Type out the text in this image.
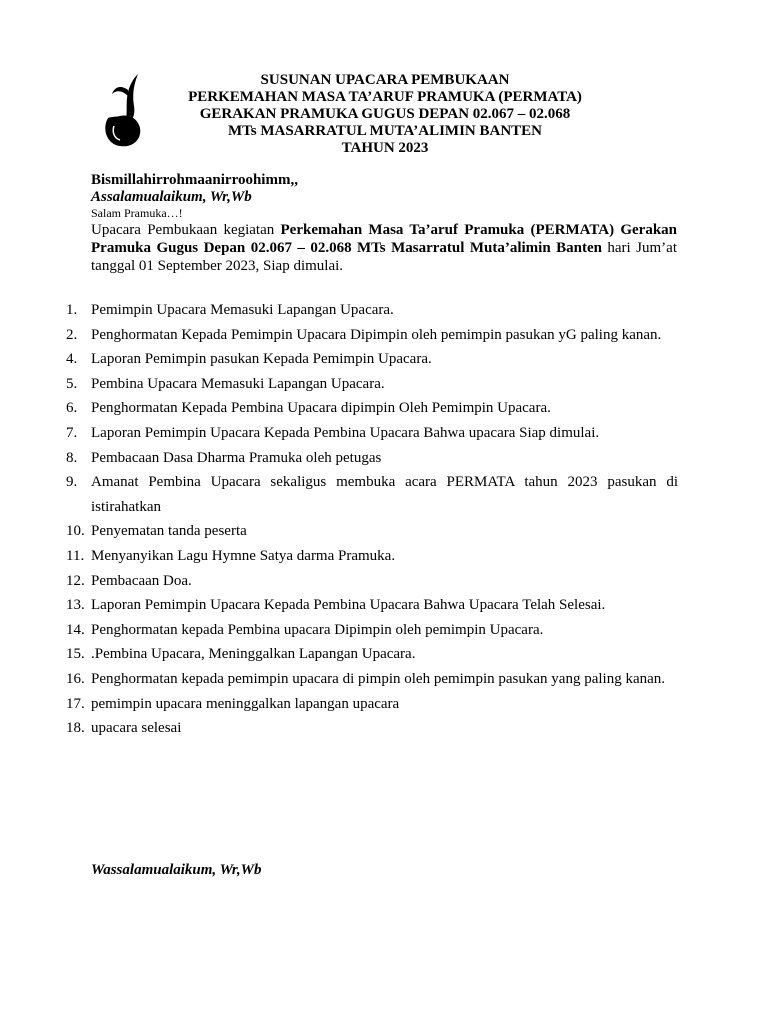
SUSUNAN UPACARA PEMBUKAAN
PERKEMAHAN MASA TA’ARUF PRAMUKA (PERMATA)
GERAKAN PRAMUKA GUGUS DEPAN 02.067 – 02.068
MTs MASARRATUL MUTA’ALIMIN BANTEN
TAHUN 2023
Bismillahirrohmaanirroohimm,,
Assalamualaikum, Wr,Wb
Salam Pramuka…!
Upacara Pembukaan kegiatan Perkemahan Masa Ta’aruf Pramuka (PERMATA) Gerakan Pramuka Gugus Depan 02.067 – 02.068 MTs Masarratul Muta’alimin Banten hari Jum’at tanggal 01 September 2023, Siap dimulai.
1. Pemimpin Upacara Memasuki Lapangan Upacara.
2. Penghormatan Kepada Pemimpin Upacara Dipimpin oleh pemimpin pasukan yG paling kanan.
4. Laporan Pemimpin pasukan Kepada Pemimpin Upacara.
5. Pembina Upacara Memasuki Lapangan Upacara.
6. Penghormatan Kepada Pembina Upacara dipimpin Oleh Pemimpin Upacara.
7. Laporan Pemimpin Upacara Kepada Pembina Upacara Bahwa upacara Siap dimulai.
8. Pembacaan Dasa Dharma Pramuka oleh petugas
9. Amanat Pembina Upacara sekaligus membuka acara PERMATA tahun 2023 pasukan di istirahatkan
10. Penyematan tanda peserta
11. Menyanyikan Lagu Hymne Satya darma Pramuka.
12. Pembacaan Doa.
13. Laporan Pemimpin Upacara Kepada Pembina Upacara Bahwa Upacara Telah Selesai.
14. Penghormatan kepada Pembina upacara Dipimpin oleh pemimpin Upacara.
15. .Pembina Upacara, Meninggalkan Lapangan Upacara.
16. Penghormatan kepada pemimpin upacara di pimpin oleh pemimpin pasukan yang paling kanan.
17. pemimpin upacara meninggalkan lapangan upacara
18. upacara selesai
Wassalamualaikum, Wr,Wb
